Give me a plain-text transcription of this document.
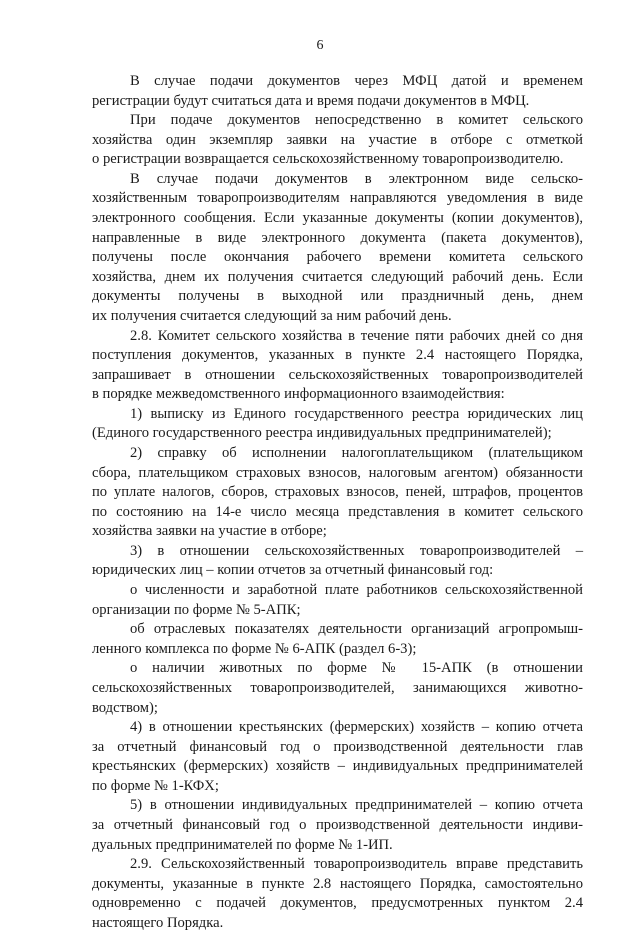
6
В случае подачи документов через МФЦ датой и временем
регистрации будут считаться дата и время подачи документов в МФЦ.
При подаче документов непосредственно в комитет сельского
хозяйства один экземпляр заявки на участие в отборе с отметкой
о регистрации возвращается сельскохозяйственному товаропроизводителю.
В случае подачи документов в электронном виде сельско-
хозяйственным товаропроизводителям направляются уведомления в виде
электронного сообщения. Если указанные документы (копии документов),
направленные в виде электронного документа (пакета документов),
получены после окончания рабочего времени комитета сельского
хозяйства, днем их получения считается следующий рабочий день. Если
документы получены в выходной или праздничный день, днем
их получения считается следующий за ним рабочий день.
2.8. Комитет сельского хозяйства в течение пяти рабочих дней со дня
поступления документов, указанных в пункте 2.4 настоящего Порядка,
запрашивает в отношении сельскохозяйственных товаропроизводителей
в порядке межведомственного информационного взаимодействия:
1) выписку из Единого государственного реестра юридических лиц
(Единого государственного реестра индивидуальных предпринимателей);
2) справку об исполнении налогоплательщиком (плательщиком
сбора, плательщиком страховых взносов, налоговым агентом) обязанности
по уплате налогов, сборов, страховых взносов, пеней, штрафов, процентов
по состоянию на 14-е число месяца представления в комитет сельского
хозяйства заявки на участие в отборе;
3) в отношении сельскохозяйственных товаропроизводителей –
юридических лиц – копии отчетов за отчетный финансовый год:
о численности и заработной плате работников сельскохозяйственной
организации по форме № 5-АПК;
об отраслевых показателях деятельности организаций агропромыш-
ленного комплекса по форме № 6-АПК (раздел 6-3);
о наличии животных по форме № 15-АПК (в отношении
сельскохозяйственных товаропроизводителей, занимающихся животно-
водством);
4) в отношении крестьянских (фермерских) хозяйств – копию отчета
за отчетный финансовый год о производственной деятельности глав
крестьянских (фермерских) хозяйств – индивидуальных предпринимателей
по форме № 1-КФХ;
5) в отношении индивидуальных предпринимателей – копию отчета
за отчетный финансовый год о производственной деятельности индиви-
дуальных предпринимателей по форме № 1-ИП.
2.9. Сельскохозяйственный товаропроизводитель вправе представить
документы, указанные в пункте 2.8 настоящего Порядка, самостоятельно
одновременно с подачей документов, предусмотренных пунктом 2.4
настоящего Порядка.
